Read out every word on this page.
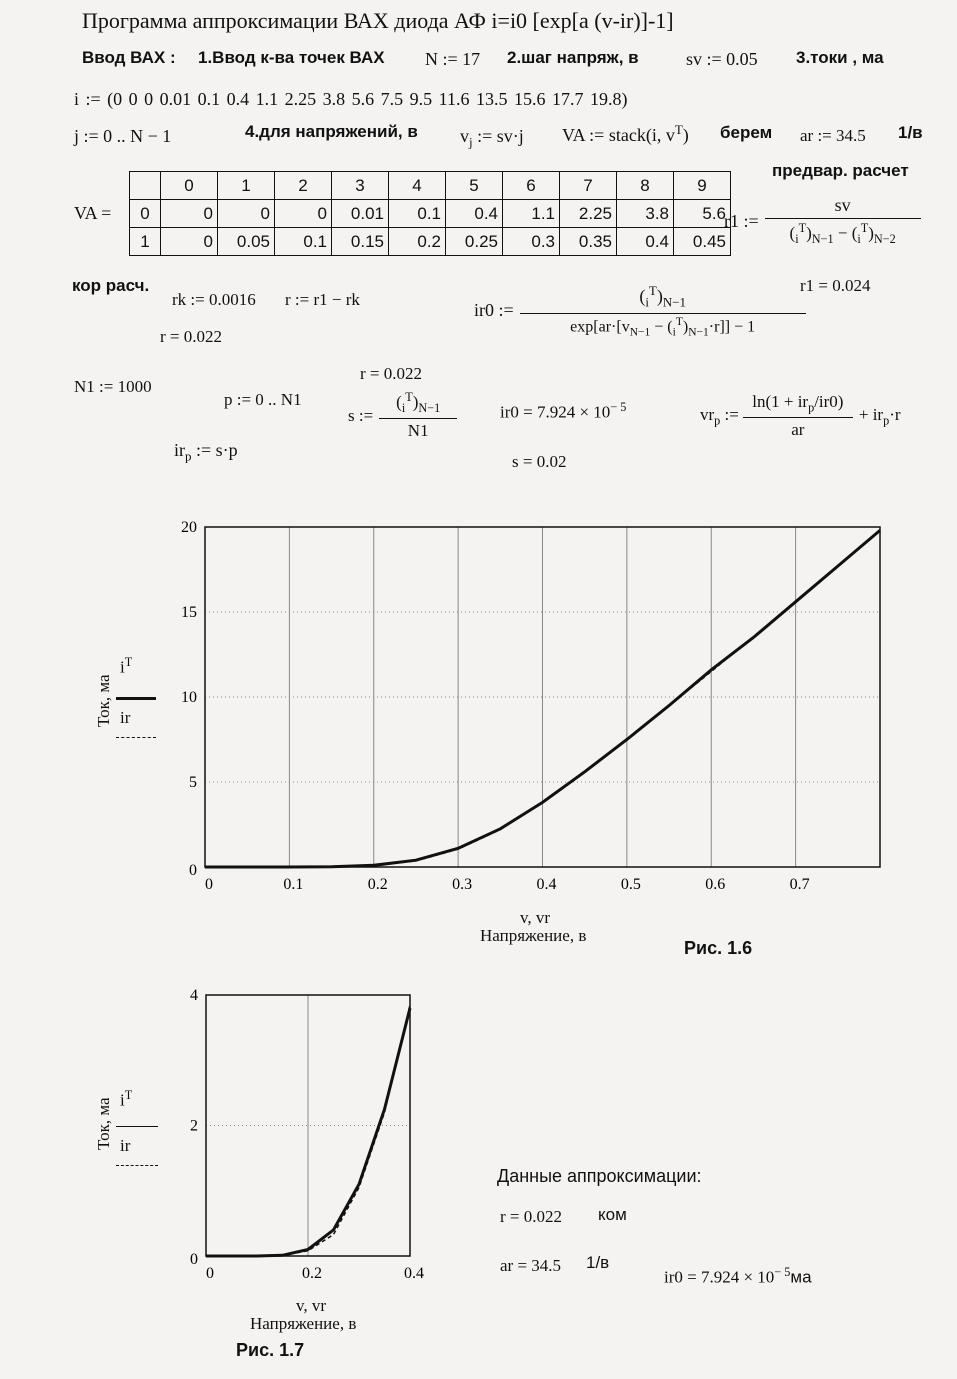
Программа аппроксимации ВАХ диода АФ i=i0 [exp[a (v-ir)]-1]
Ввод ВАХ : 1.Ввод к-ва точек ВАХ N := 17 2.шаг напряж, в	sv := 0.05 3.токи , ма
i := (0 0 0 0.01 0.1 0.4 1.1 2.25 3.8 5.6 7.5 9.5 11.6 13.5 15.6 17.7 19.8)
j := 0 .. N − 1	4.для напряжений, в $v_j$ := sv·j VA := stack(i, $v^T$) берем ar := 34.5 1/в
предвар. расчет
VA =
	0	1	2	3	4	5	6	7	8	9
0	0	0	0	0.01	0.1	0.4	1.1	2.25	3.8	5.6
1	0	0.05	0.1	0.15	0.2	0.25	0.3	0.35	0.4	0.45
r1 := $\frac{sv}{(_i^T)_{N-1} - (_i^T)_{N-2}}$
r1 = 0.024
кор расч.
rk := 0.0016 r := r1 − rk
r = 0.022
ir0 := $\frac{(_i^T)_{N-1}}{\exp[ar\cdot[v_{N-1} - (_i^T)_{N-1}\cdot r]] - 1}$
r = 0.022
N1 := 1000
p := 0 .. N1
s := $\frac{(_i^T)_{N-1}}{N1}$	$ir0 = 7.924 \times 10^{- 5}$
s = 0.02
$ir_p$ := s·p
$vr_p$ := $\frac{\ln(1 + ir_p/ir0)}{ar} + ir_p\cdot r$
Ток, ма
$i^T$
ir
0	0.1	0.2	0.3	0.4	0.5	0.6	0.7
0
5
10
15
20
v, vr
Напряжение, в
Рис. 1.6
Ток, ма $i^T$
ir
0	0.2	0.4
0
2
4
v, vr
Напряжение, в
Рис. 1.7
Данные аппроксимации:
r = 0.022 ком
ar = 34.5 1/в
$ir0 = 7.924 \times 10^{- 5}ма$
